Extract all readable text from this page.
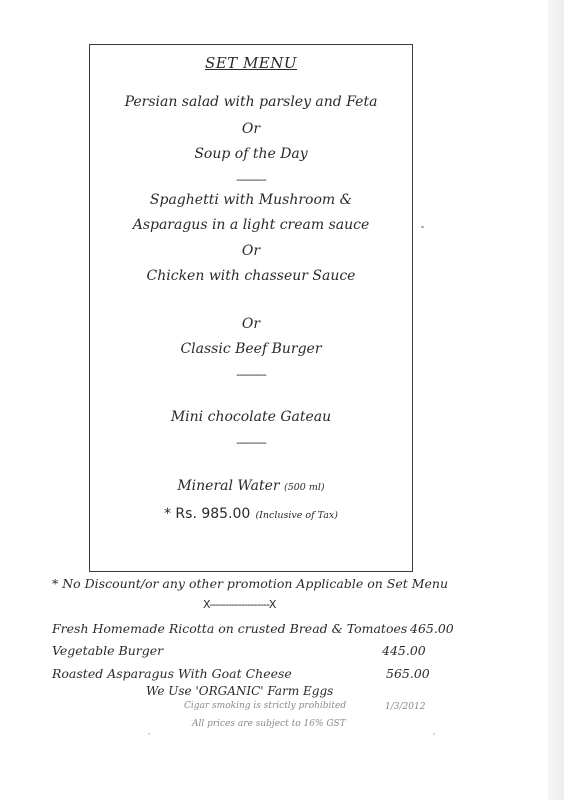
SET MENU
Persian salad with parsley and Feta
Or
Soup of the Day
----------
Spaghetti with Mushroom &
Asparagus in a light cream sauce
Or
Chicken with chasseur Sauce
Or
Classic Beef Burger
----------
Mini chocolate Gateau
----------
Mineral Water (500 ml)
* Rs. 985.00 (Inclusive of Tax)
* No Discount/or any other promotion Applicable on Set Menu
X-------------------X
Fresh Homemade Ricotta on crusted Bread & Tomatoes 465.00
Vegetable Burger	445.00
Roasted Asparagus With Goat Cheese	565.00
We Use 'ORGANIC' Farm Eggs
Cigar smoking is strictly prohibited	1/3/2012
All prices are subject to 16% GST
